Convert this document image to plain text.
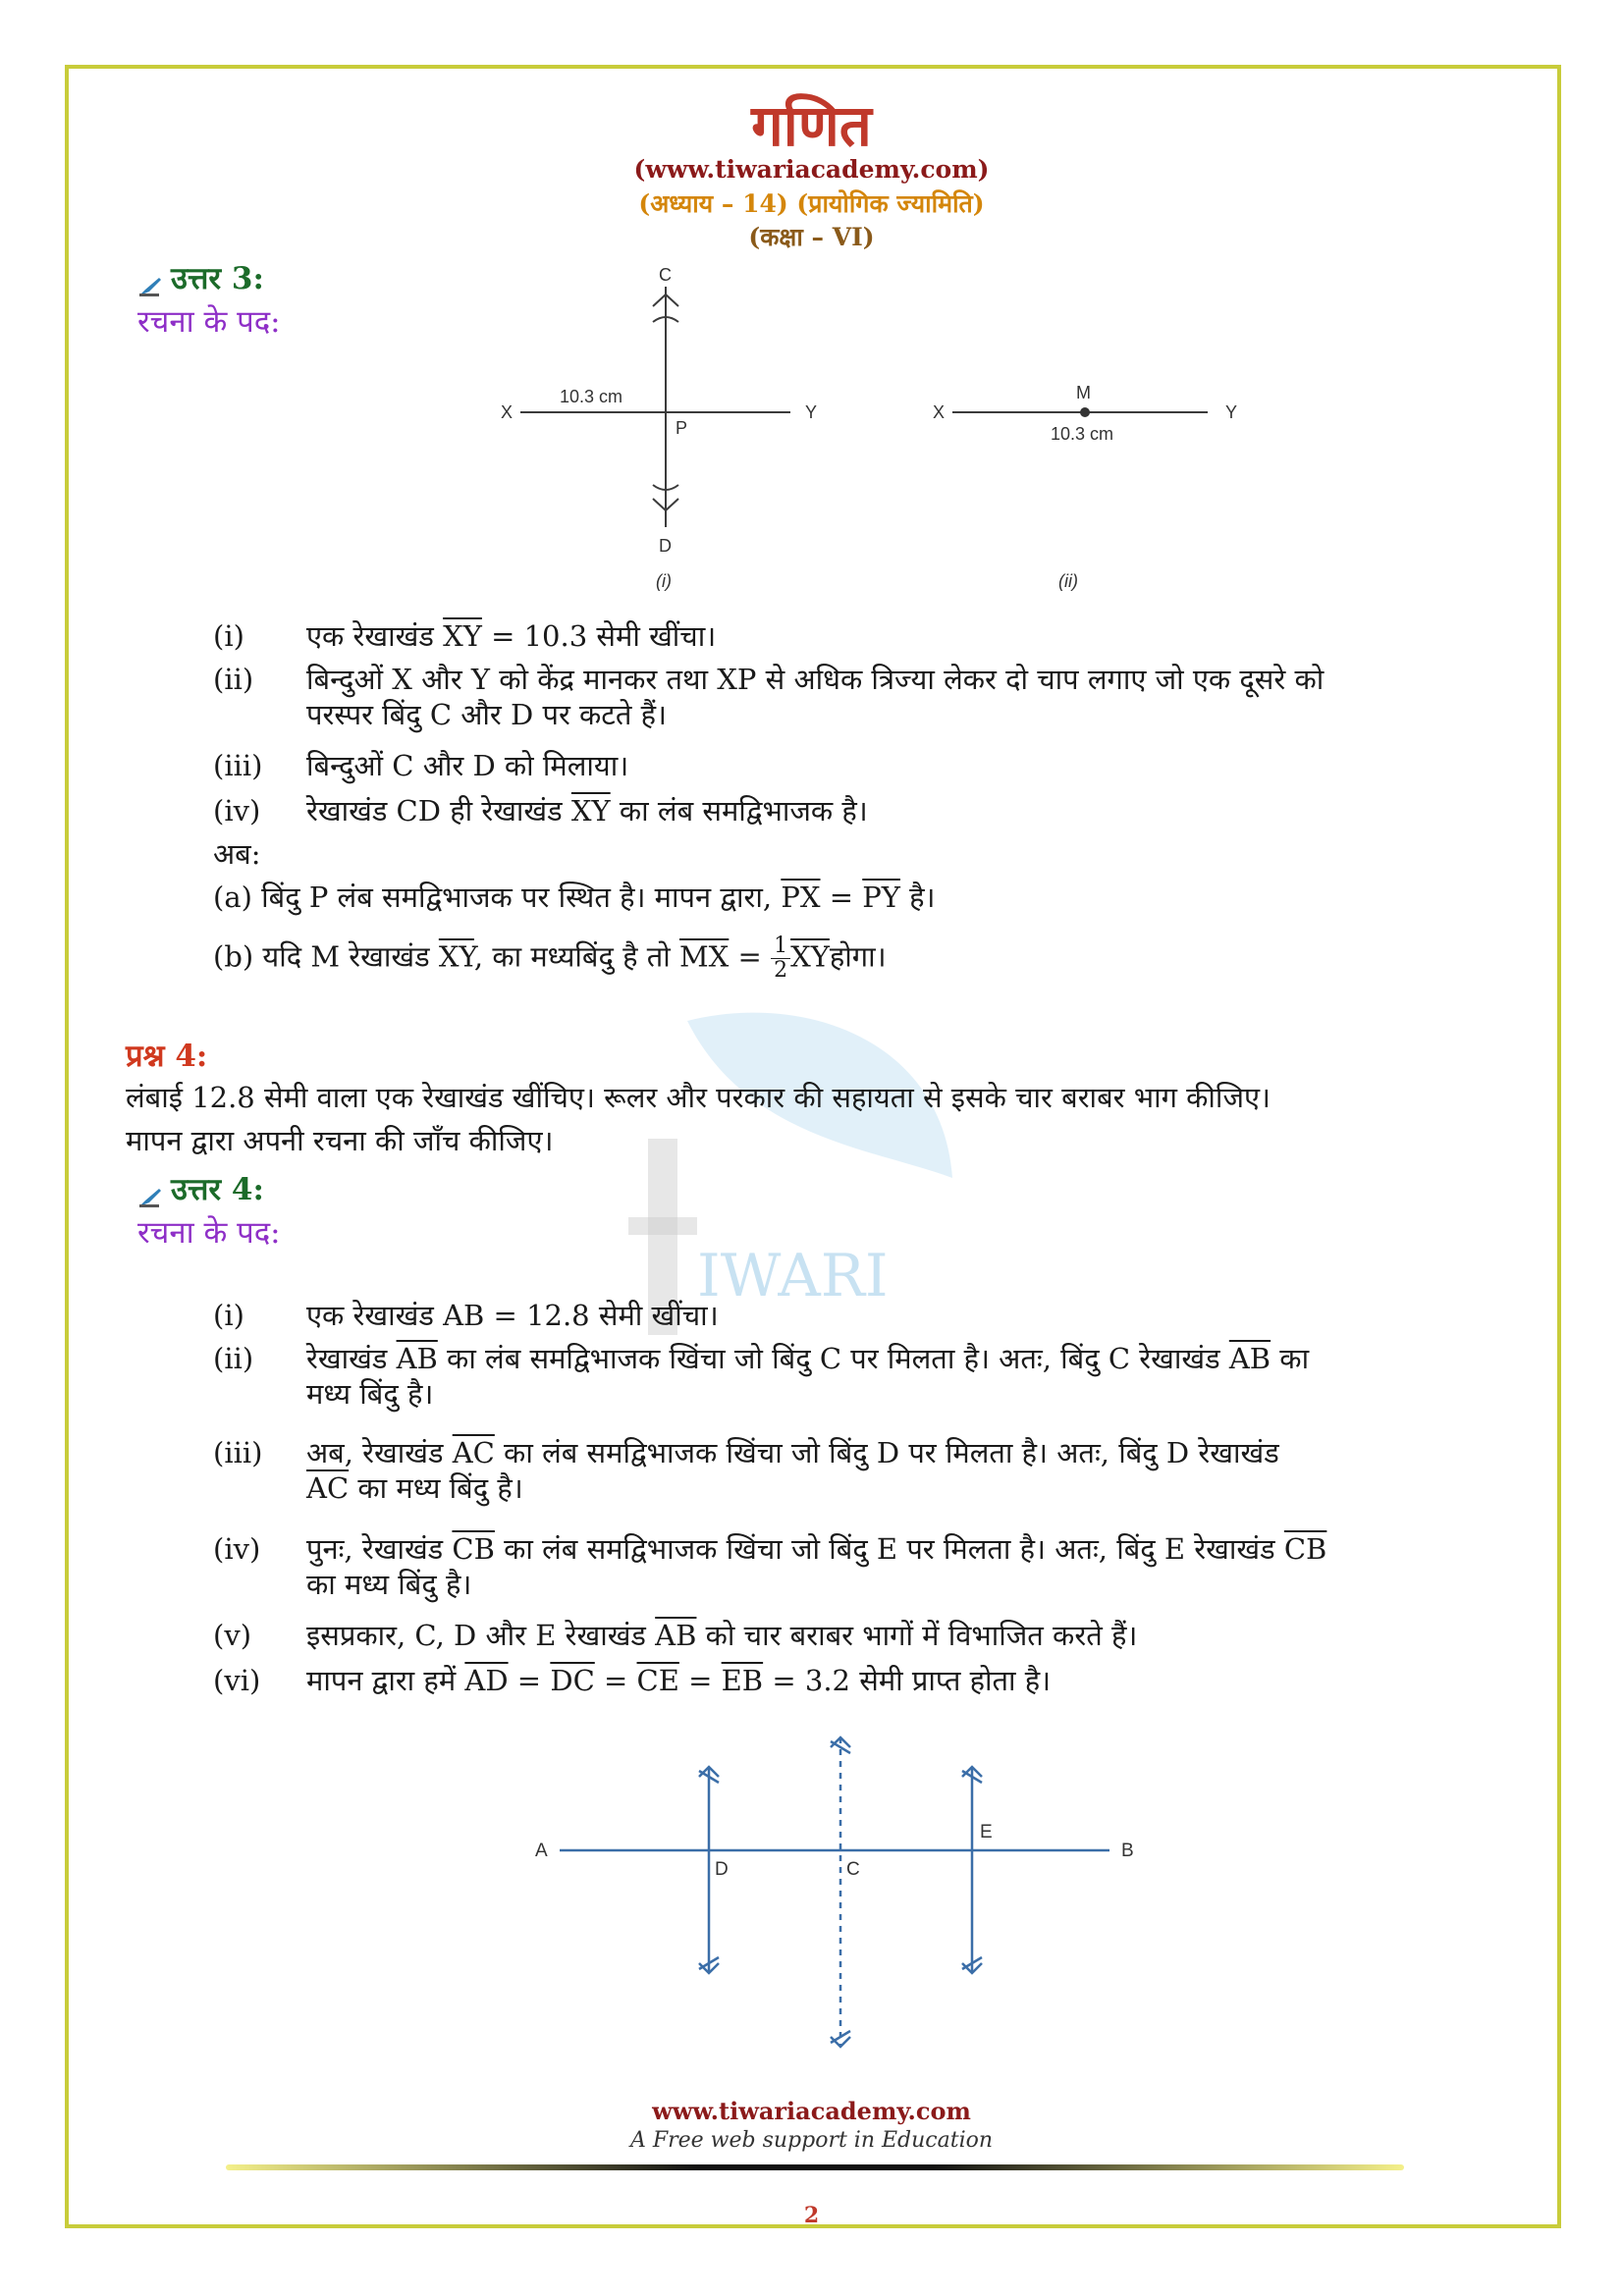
IWARI
गणित
(www.tiwariacademy.com)
(अध्याय – 14) (प्रायोगिक ज्यामिति)
(कक्षा – VI)
उत्तर 3:
रचना के पद:
C
X
10.3 cm
P
Y
D
(i)
X
M
10.3 cm
Y
(ii)
(i)	एक रेखाखंड $\overline{XY} = 10.3$ सेमी खींचा।
(ii)	बिन्दुओं X और Y को केंद्र मानकर तथा XP से अधिक त्रिज्या लेकर दो चाप लगाए जो एक दूसरे को
परस्पर बिंदु C और D पर कटते हैं।
(iii)	बिन्दुओं C और D को मिलाया।
(iv)	रेखाखंड CD ही रेखाखंड $\overline{XY}$ का लंब समद्विभाजक है।
अब:
(a) बिंदु P लंब समद्विभाजक पर स्थित है। मापन द्वारा, $\overline{PX} = \overline{PY}$ है।
(b) यदि M रेखाखंड $\overline{XY}$, का मध्यबिंदु है तो $\overline{MX} = \frac{1}{2}$ $\overline{XY}होगा।$
प्रश्न 4:
लंबाई 12.8 सेमी वाला एक रेखाखंड खींचिए। रूलर और परकार की सहायता से इसके चार बराबर भाग कीजिए।
मापन द्वारा अपनी रचना की जाँच कीजिए।
उत्तर 4:
रचना के पद:
(i)	एक रेखाखंड AB = 12.8 सेमी खींचा।
(ii)	रेखाखंड $\overline{AB}$ का लंब समद्विभाजक खिंचा जो बिंदु C पर मिलता है। अतः, बिंदु C रेखाखंड $\overline{AB}$ का
मध्य बिंदु है।
(iii)	अब, रेखाखंड $\overline{AC}$ का लंब समद्विभाजक खिंचा जो बिंदु D पर मिलता है। अतः, बिंदु D रेखाखंड
$\overline{AC}$ का मध्य बिंदु है।
(iv)	पुनः, रेखाखंड $\overline{CB}$ का लंब समद्विभाजक खिंचा जो बिंदु E पर मिलता है। अतः, बिंदु E रेखाखंड $\overline{CB}$
का मध्य बिंदु है।
(v)	इसप्रकार, C, D और E रेखाखंड $\overline{AB}$ को चार बराबर भागों में विभाजित करते हैं।
(vi)	मापन द्वारा हमें $\overline{AD} = \overline{DC} = \overline{CE} = \overline{EB} = 3.2$ सेमी प्राप्त होता है।
A
D	C
E
B
www.tiwariacademy.com
A Free web support in Education
2
